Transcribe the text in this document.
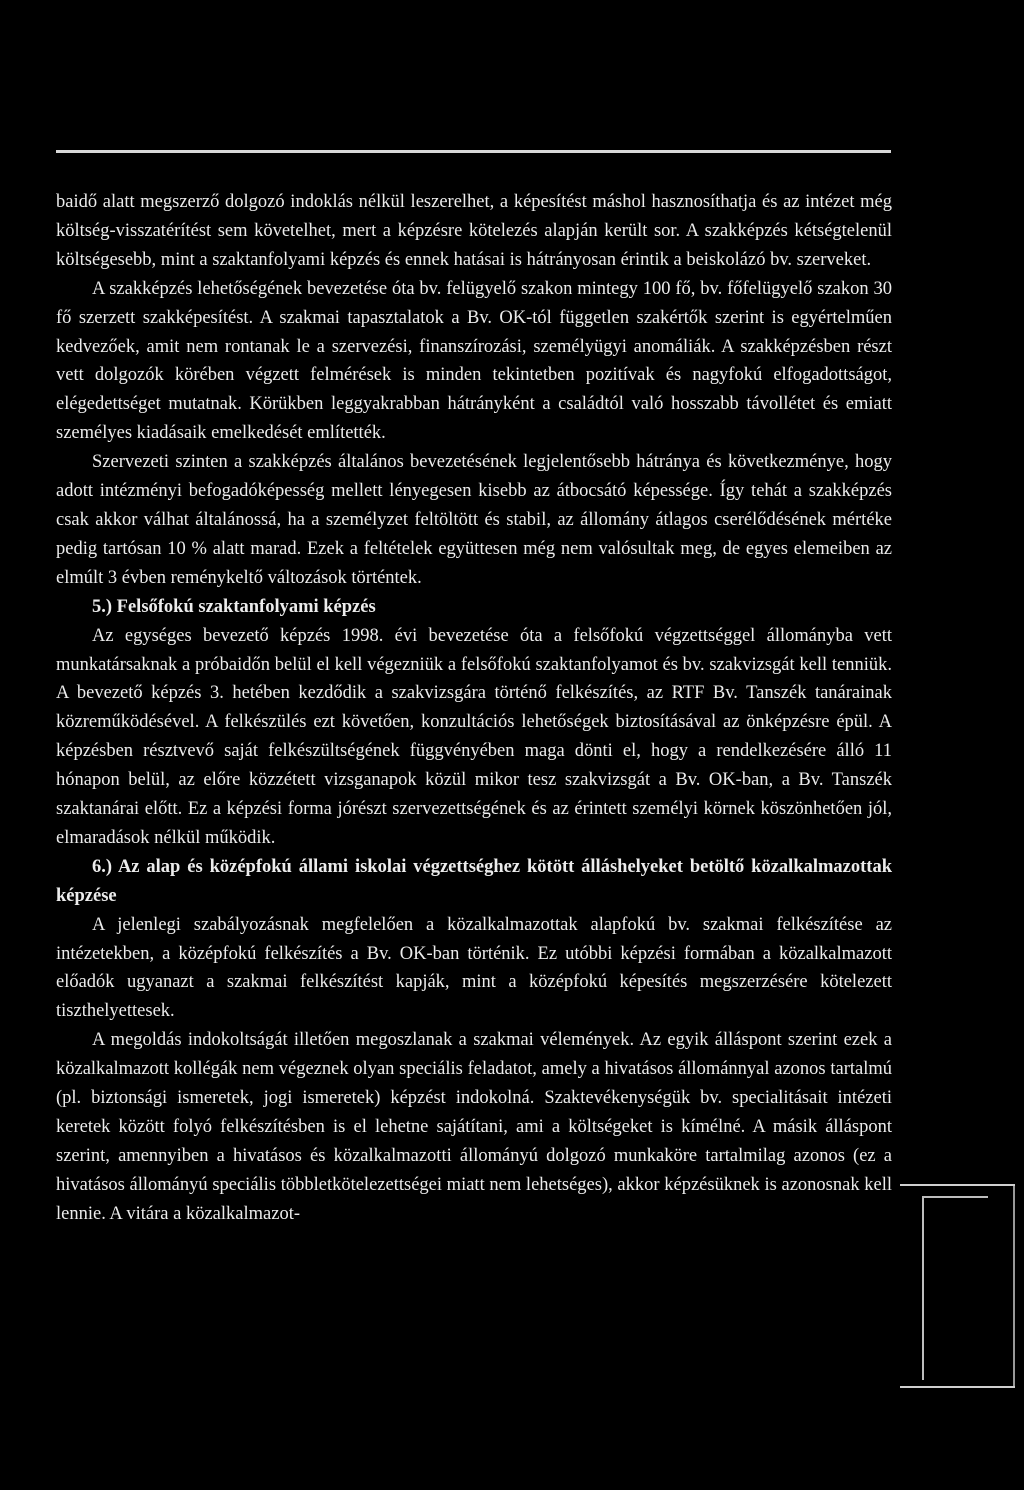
baidő alatt megszerző dolgozó indoklás nélkül leszerelhet, a képesítést máshol hasznosíthatja és az intézet még költség-visszatérítést sem követelhet, mert a képzésre kötelezés alapján került sor. A szakképzés kétségtelenül költségesebb, mint a szaktanfolyami képzés és ennek hatásai is hátrányosan érintik a beiskolázó bv. szerveket.

A szakképzés lehetőségének bevezetése óta bv. felügyelő szakon mintegy 100 fő, bv. főfelügyelő szakon 30 fő szerzett szakképesítést. A szakmai tapasztalatok a Bv. OK-tól független szakértők szerint is egyértelműen kedvezőek, amit nem rontanak le a szervezési, finanszírozási, személyügyi anomáliák. A szakképzésben részt vett dolgozók körében végzett felmérések is minden tekintetben pozitívak és nagyfokú elfogadottságot, elégedettséget mutatnak. Körükben leggyakrabban hátrányként a családtól való hosszabb távollétet és emiatt személyes kiadásaik emelkedését említették.

Szervezeti szinten a szakképzés általános bevezetésének legjelentősebb hátránya és következménye, hogy adott intézményi befogadóképesség mellett lényegesen kisebb az átbocsátó képessége. Így tehát a szakképzés csak akkor válhat általánossá, ha a személyzet feltöltött és stabil, az állomány átlagos cserélődésének mértéke pedig tartósan 10 % alatt marad. Ezek a feltételek együttesen még nem valósultak meg, de egyes elemeiben az elmúlt 3 évben reménykeltő változások történtek.

5.) Felsőfokú szaktanfolyami képzés

Az egységes bevezető képzés 1998. évi bevezetése óta a felsőfokú végzettséggel állományba vett munkatársaknak a próbaidőn belül el kell végezniük a felsőfokú szaktanfolyamot és bv. szakvizsgát kell tenniük. A bevezető képzés 3. hetében kezdődik a szakvizsgára történő felkészítés, az RTF Bv. Tanszék tanárainak közreműködésével. A felkészülés ezt követően, konzultációs lehetőségek biztosításával az önképzésre épül. A képzésben résztvevő saját felkészültségének függvényében maga dönti el, hogy a rendelkezésére álló 11 hónapon belül, az előre közzétett vizsganapok közül mikor tesz szakvizsgát a Bv. OK-ban, a Bv. Tanszék szaktanárai előtt. Ez a képzési forma jórészt szervezettségének és az érintett személyi körnek köszönhetően jól, elmaradások nélkül működik.

6.) Az alap és középfokú állami iskolai végzettséghez kötött álláshelyeket betöltő közalkalmazottak képzése

A jelenlegi szabályozásnak megfelelően a közalkalmazottak alapfokú bv. szakmai felkészítése az intézetekben, a középfokú felkészítés a Bv. OK-ban történik. Ez utóbbi képzési formában a közalkalmazott előadók ugyanazt a szakmai felkészítést kapják, mint a középfokú képesítés megszerzésére kötelezett tiszthelyettesek.

A megoldás indokoltságát illetően megoszlanak a szakmai vélemények. Az egyik álláspont szerint ezek a közalkalmazott kollégák nem végeznek olyan speciális feladatot, amely a hivatásos állománnyal azonos tartalmú (pl. biztonsági ismeretek, jogi ismeretek) képzést indokolná. Szaktevékenységük bv. specialitásait intézeti keretek között folyó felkészítésben is el lehetne sajátítani, ami a költségeket is kímélné. A másik álláspont szerint, amennyiben a hivatásos és közalkalmazotti állományú dolgozó munkaköre tartalmilag azonos (ez a hivatásos állományú speciális többletkötelezettségei miatt nem lehetséges), akkor képzésüknek is azonosnak kell lennie. A vitára a közalkalmazot-
